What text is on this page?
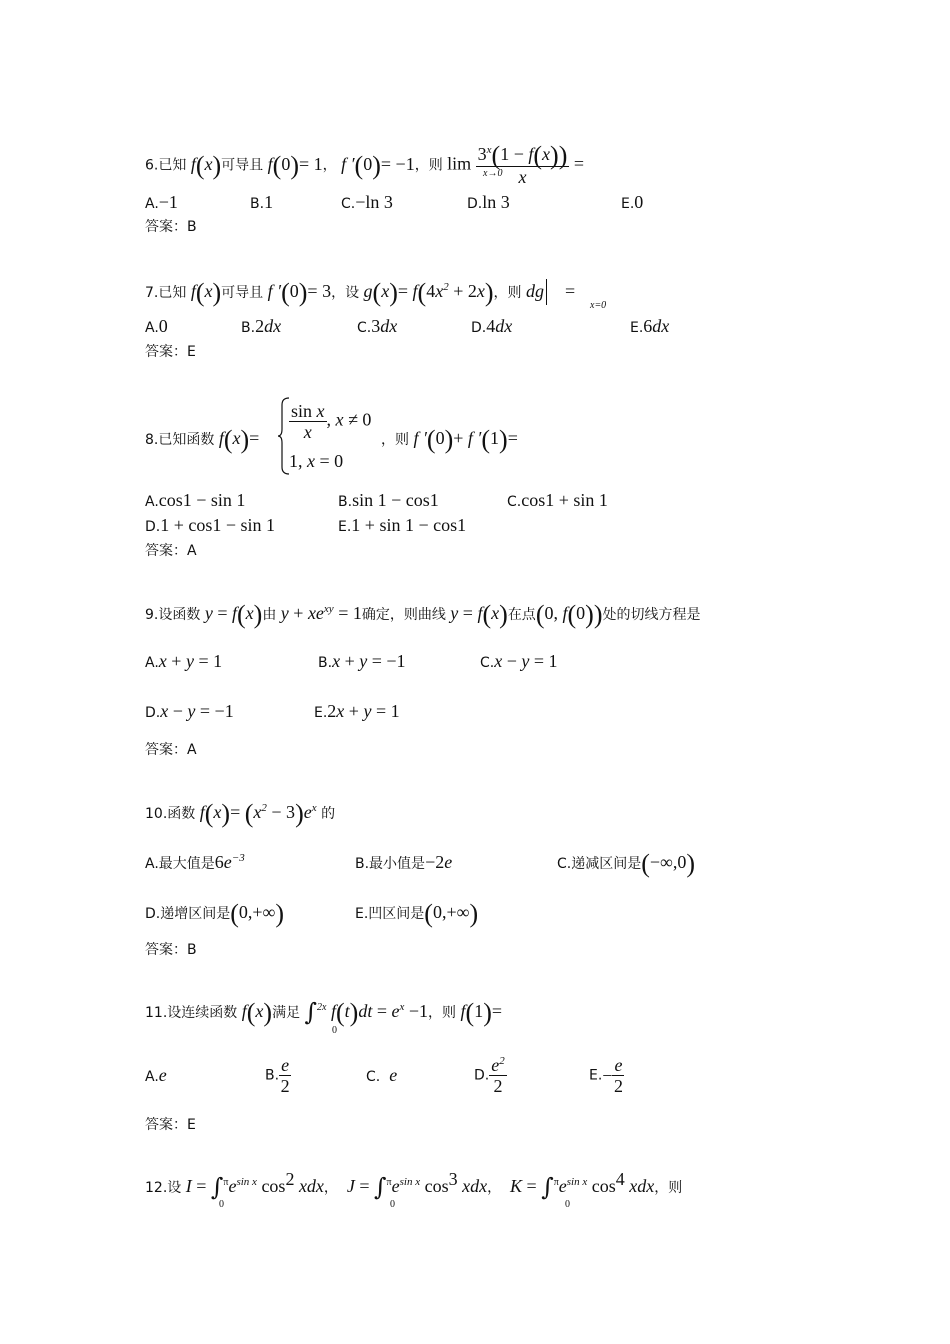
6.已知 f(x)可导且 f(0)= 1， f ′(0)= −1，则 $\lim \frac{3^x(1 - f(x))}{x}$ =
x→0
A.−1	B.1	C.−ln 3	D.ln 3	E.0
答案：B
7.已知 f(x)可导且 f ′(0)= 3，设 $g(x)= f(4x^2 + 2x)$，则 dg    =
x=0
A.0	B.2dx	C.3dx	D.4dx	E.6dx
答案：E
8.已知函数 $f(x)= \frac{\text{sin x}}{x}$ , x ≠ 0
1, x = 0
，则 f ′(0)+ f ′(1)=
A.cos1 − sin 1	B.sin 1 − cos1	C.cos1 + sin 1
D.1 + cos1 − sin 1	E.1 + sin 1 − cos1
答案：A
9.设函数 y = f(x)由 $y + xe^{xy} = 1$确定，则曲线 y = f(x)在点(0, f(0))处的切线方程是
A.x + y = 1	B.x + y = −1	C.x − y = 1
D.x − y = −1	E.2x + y = 1
答案：A
10.函数 $f(x)= (x^2 - 3)e^x$ 的
A.最大值是$6e^{-3}$	B.最小值是−2e	C.递减区间是(−∞,0)
D.递增区间是(0,+∞)	E.凹区间是(0,+∞)
答案：B
11.设连续函数 f(x)满足 ∫$^{2x}$ $f(t)dt = e^x -1$，则 f(1)=
0
A.e	B. $\frac{e}{2}$	C.  e	D. $\frac{e^2}{2}$	$E.- \frac{e}{2}$
答案：E
12.设 $I = \int^\pi e^{sin x}$ $\cos^2$ xdx，  $J = \int^\pi e^{sin x}$ $\cos^3$ xdx，  $K = \int^\pi e^{sin x}$ $\cos^4$ xdx，则
0	0	0
